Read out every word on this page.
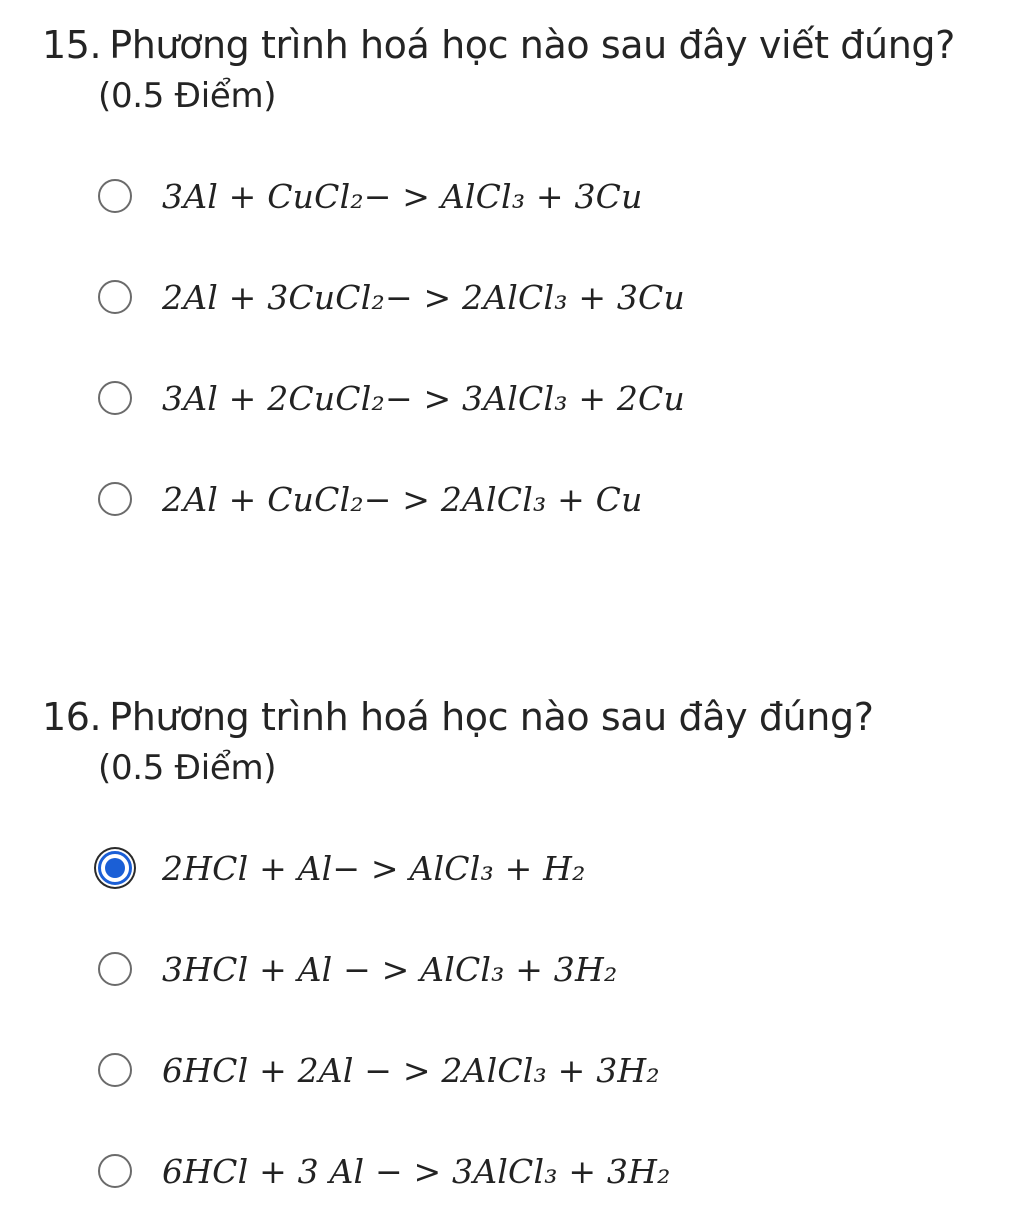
15. Phương trình hoá học nào sau đây viết đúng?
(0.5 Điểm)
3Al + CuCl₂− > AlCl₃ + 3Cu
2Al + 3CuCl₂− > 2AlCl₃ + 3Cu
3Al + 2CuCl₂− > 3AlCl₃ + 2Cu
2Al + CuCl₂− > 2AlCl₃ + Cu
16. Phương trình hoá học nào sau đây đúng?
(0.5 Điểm)
2HCl + Al− > AlCl₃ + H₂
3HCl + Al − > AlCl₃ + 3H₂
6HCl + 2Al − > 2AlCl₃ + 3H₂
6HCl + 3 Al − > 3AlCl₃ + 3H₂
